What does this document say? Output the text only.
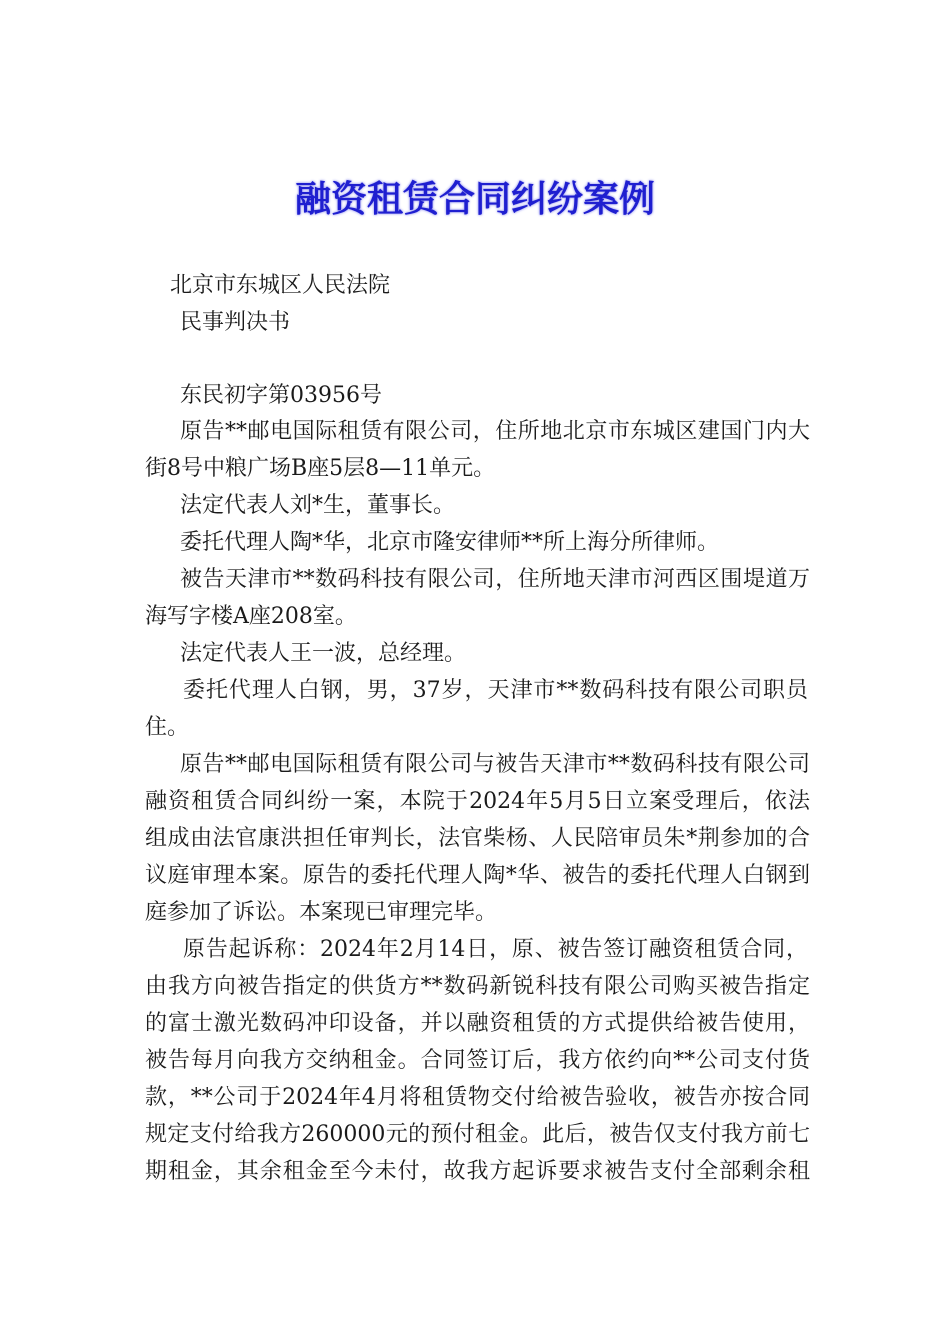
融资租赁合同纠纷案例
北京市东城区人民法院
民事判决书
东民初字第03956号
原告**邮电国际租赁有限公司，住所地北京市东城区建国门内大
街8号中粮广场B座5层8—11单元。
法定代表人刘*生，董事长。
委托代理人陶*华，北京市隆安律师**所上海分所律师。
被告天津市**数码科技有限公司，住所地天津市河西区围堤道万
海写字楼A座208室。
法定代表人王一波，总经理。
委托代理人白钢，男，37岁，天津市**数码科技有限公司职员
住。
原告**邮电国际租赁有限公司与被告天津市**数码科技有限公司
融资租赁合同纠纷一案，本院于2024年5月5日立案受理后，依法
组成由法官康洪担任审判长，法官柴杨、人民陪审员朱*荆参加的合
议庭审理本案。原告的委托代理人陶*华、被告的委托代理人白钢到
庭参加了诉讼。本案现已审理完毕。
原告起诉称：2024年2月14日，原、被告签订融资租赁合同，
由我方向被告指定的供货方**数码新锐科技有限公司购买被告指定
的富士激光数码冲印设备，并以融资租赁的方式提供给被告使用，
被告每月向我方交纳租金。合同签订后，我方依约向**公司支付货
款，**公司于2024年4月将租赁物交付给被告验收，被告亦按合同
规定支付给我方260000元的预付租金。此后，被告仅支付我方前七
期租金，其余租金至今未付，故我方起诉要求被告支付全部剩余租
